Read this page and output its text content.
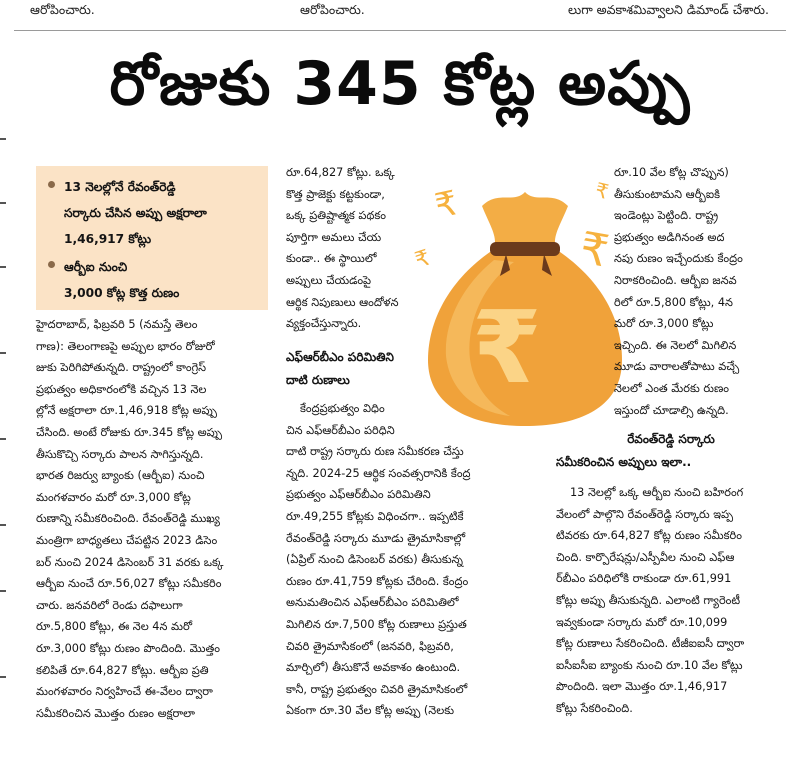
ఆరోపించారు.	ఆరోపించారు.	లుగా అవకాశమివ్వాలని డిమాండ్ చేశారు.
రోజుకు 345 కోట్ల అప్పు
13 నెలల్లోనే రేవంత్‌రెడ్డి
సర్కారు చేసిన అప్పు అక్షరాలా
1,46,917 కోట్లు
ఆర్బీఐ నుంచి
3,000 కోట్ల కొత్త రుణం

హైదరాబాద్, ఫిబ్రవరి 5 (నమస్తే తెలం

గాణ): తెలంగాణపై అప్పుల భారం రోజురో

జుకు పెరిగిపోతున్నది. రాష్ట్రంలో కాంగ్రెస్

ప్రభుత్వం అధికారంలోకి వచ్చిన 13 నెల

ల్లోనే అక్షరాలా రూ.1,46,918 కోట్ల అప్పు

చేసింది. అంటే రోజుకు రూ.345 కోట్ల అప్పు

తీసుకొచ్చి సర్కారు పాలన సాగిస్తున్నది.

భారత రిజర్వు బ్యాంకు (ఆర్బీఐ) నుంచి

మంగళవారం మరో రూ.3,000 కోట్ల

రుణాన్ని సమీకరించింది. రేవంత్‌రెడ్డి ముఖ్య

మంత్రిగా బాధ్యతలు చేపట్టిన 2023 డిసెం

బర్ నుంచి 2024 డిసెంబర్ 31 వరకు ఒక్క

ఆర్బీఐ నుంచే రూ.56,027 కోట్లు సమీకరిం

చారు. జనవరిలో రెండు దఫాలుగా

రూ.5,800 కోట్లు, ఈ నెల 4న మరో

రూ.3,000 కోట్లు రుణం పొందింది. మొత్తం

కలిపితే రూ.64,827 కోట్లు. ఆర్బీఐ ప్రతి

మంగళవారం నిర్వహించే ఈ-వేలం ద్వారా

సమీకరించిన మొత్తం రుణం అక్షరాలా

రూ.64,827 కోట్లు. ఒక్క

కొత్త ప్రాజెక్టు కట్టకుండా,

ఒక్క ప్రతిష్టాత్మక పథకం

పూర్తిగా అమలు చేయ

కుండా.. ఈ స్థాయిలో

అప్పులు చేయడంపై

ఆర్థిక నిపుణులు ఆందోళన

వ్యక్తంచేస్తున్నారు.

ఎఫ్‌ఆర్‌బీఎం పరిమితిని

దాటి రుణాలు

కేంద్రప్రభుత్వం విధిం

చిన ఎఫ్‌ఆర్‌బీఎం పరిధిని

దాటి రాష్ట్ర సర్కారు రుణ సమీకరణ చేస్తు

న్నది. 2024-25 ఆర్థిక సంవత్సరానికి కేంద్ర

ప్రభుత్వం ఎఫ్‌ఆర్‌బీఎం పరిమితిని

రూ.49,255 కోట్లకు విధించగా.. ఇప్పటికే

రేవంత్‌రెడ్డి సర్కారు మూడు త్రైమాసికాల్లో

(ఏప్రిల్ నుంచి డిసెంబర్ వరకు) తీసుకున్న

రుణం రూ.41,759 కోట్లకు చేరింది. కేంద్రం

అనుమతించిన ఎఫ్‌ఆర్‌బీఎం పరిమితిలో

మిగిలిన రూ.7,500 కోట్ల రుణాలు ప్రస్తుత

చివరి త్రైమాసికంలో (జనవరి, ఫిబ్రవరి,

మార్చిలో) తీసుకొనే అవకాశం ఉంటుంది.

కానీ, రాష్ట్ర ప్రభుత్వం చివరి త్రైమాసికంలో

ఏకంగా రూ.30 వేల కోట్ల అప్పు (నెలకు

₹
₹
₹
₹
₹

రూ.10 వేల కోట్ల చొప్పున)

తీసుకుంటామని ఆర్బీఐకి

ఇండెంట్లు పెట్టింది. రాష్ట్ర

ప్రభుత్వం అడిగినంత అద

నపు రుణం ఇచ్చేందుకు కేంద్రం

నిరాకరించింది. ఆర్బీఐ జనవ

రిలో రూ.5,800 కోట్లు, 4న

మరో రూ.3,000 కోట్లు

ఇచ్చింది. ఈ నెలలో మిగిలిన

మూడు వారాలతోపాటు వచ్చే

నెలలో ఎంత మేరకు రుణం

ఇస్తుందో చూడాల్సి ఉన్నది.

రేవంత్‌రెడ్డి సర్కారు

సమీకరించిన అప్పులు ఇలా..

13 నెలల్లో ఒక్క ఆర్బీఐ నుంచి బహిరంగ

వేలంలో పాల్గొని రేవంత్‌రెడ్డి సర్కారు ఇప్ప

టివరకు రూ.64,827 కోట్ల రుణం సమీకరిం

చింది. కార్పొరేషన్లు/ఎస్పీవీల నుంచి ఎఫ్‌ఆ

ర్‌బీఎం పరిధిలోకి రాకుండా రూ.61,991

కోట్లు అప్పు తీసుకున్నది. ఎలాంటి గ్యారెంటీ

ఇవ్వకుండా సర్కారు మరో రూ.10,099

కోట్ల రుణాలు సేకరించింది. టీజీఐఐసీ ద్వారా

ఐసీఐసీఐ బ్యాంకు నుంచి రూ.10 వేల కోట్లు

పొందింది. ఇలా మొత్తం రూ.1,46,917

కోట్లు సేకరించింది.
